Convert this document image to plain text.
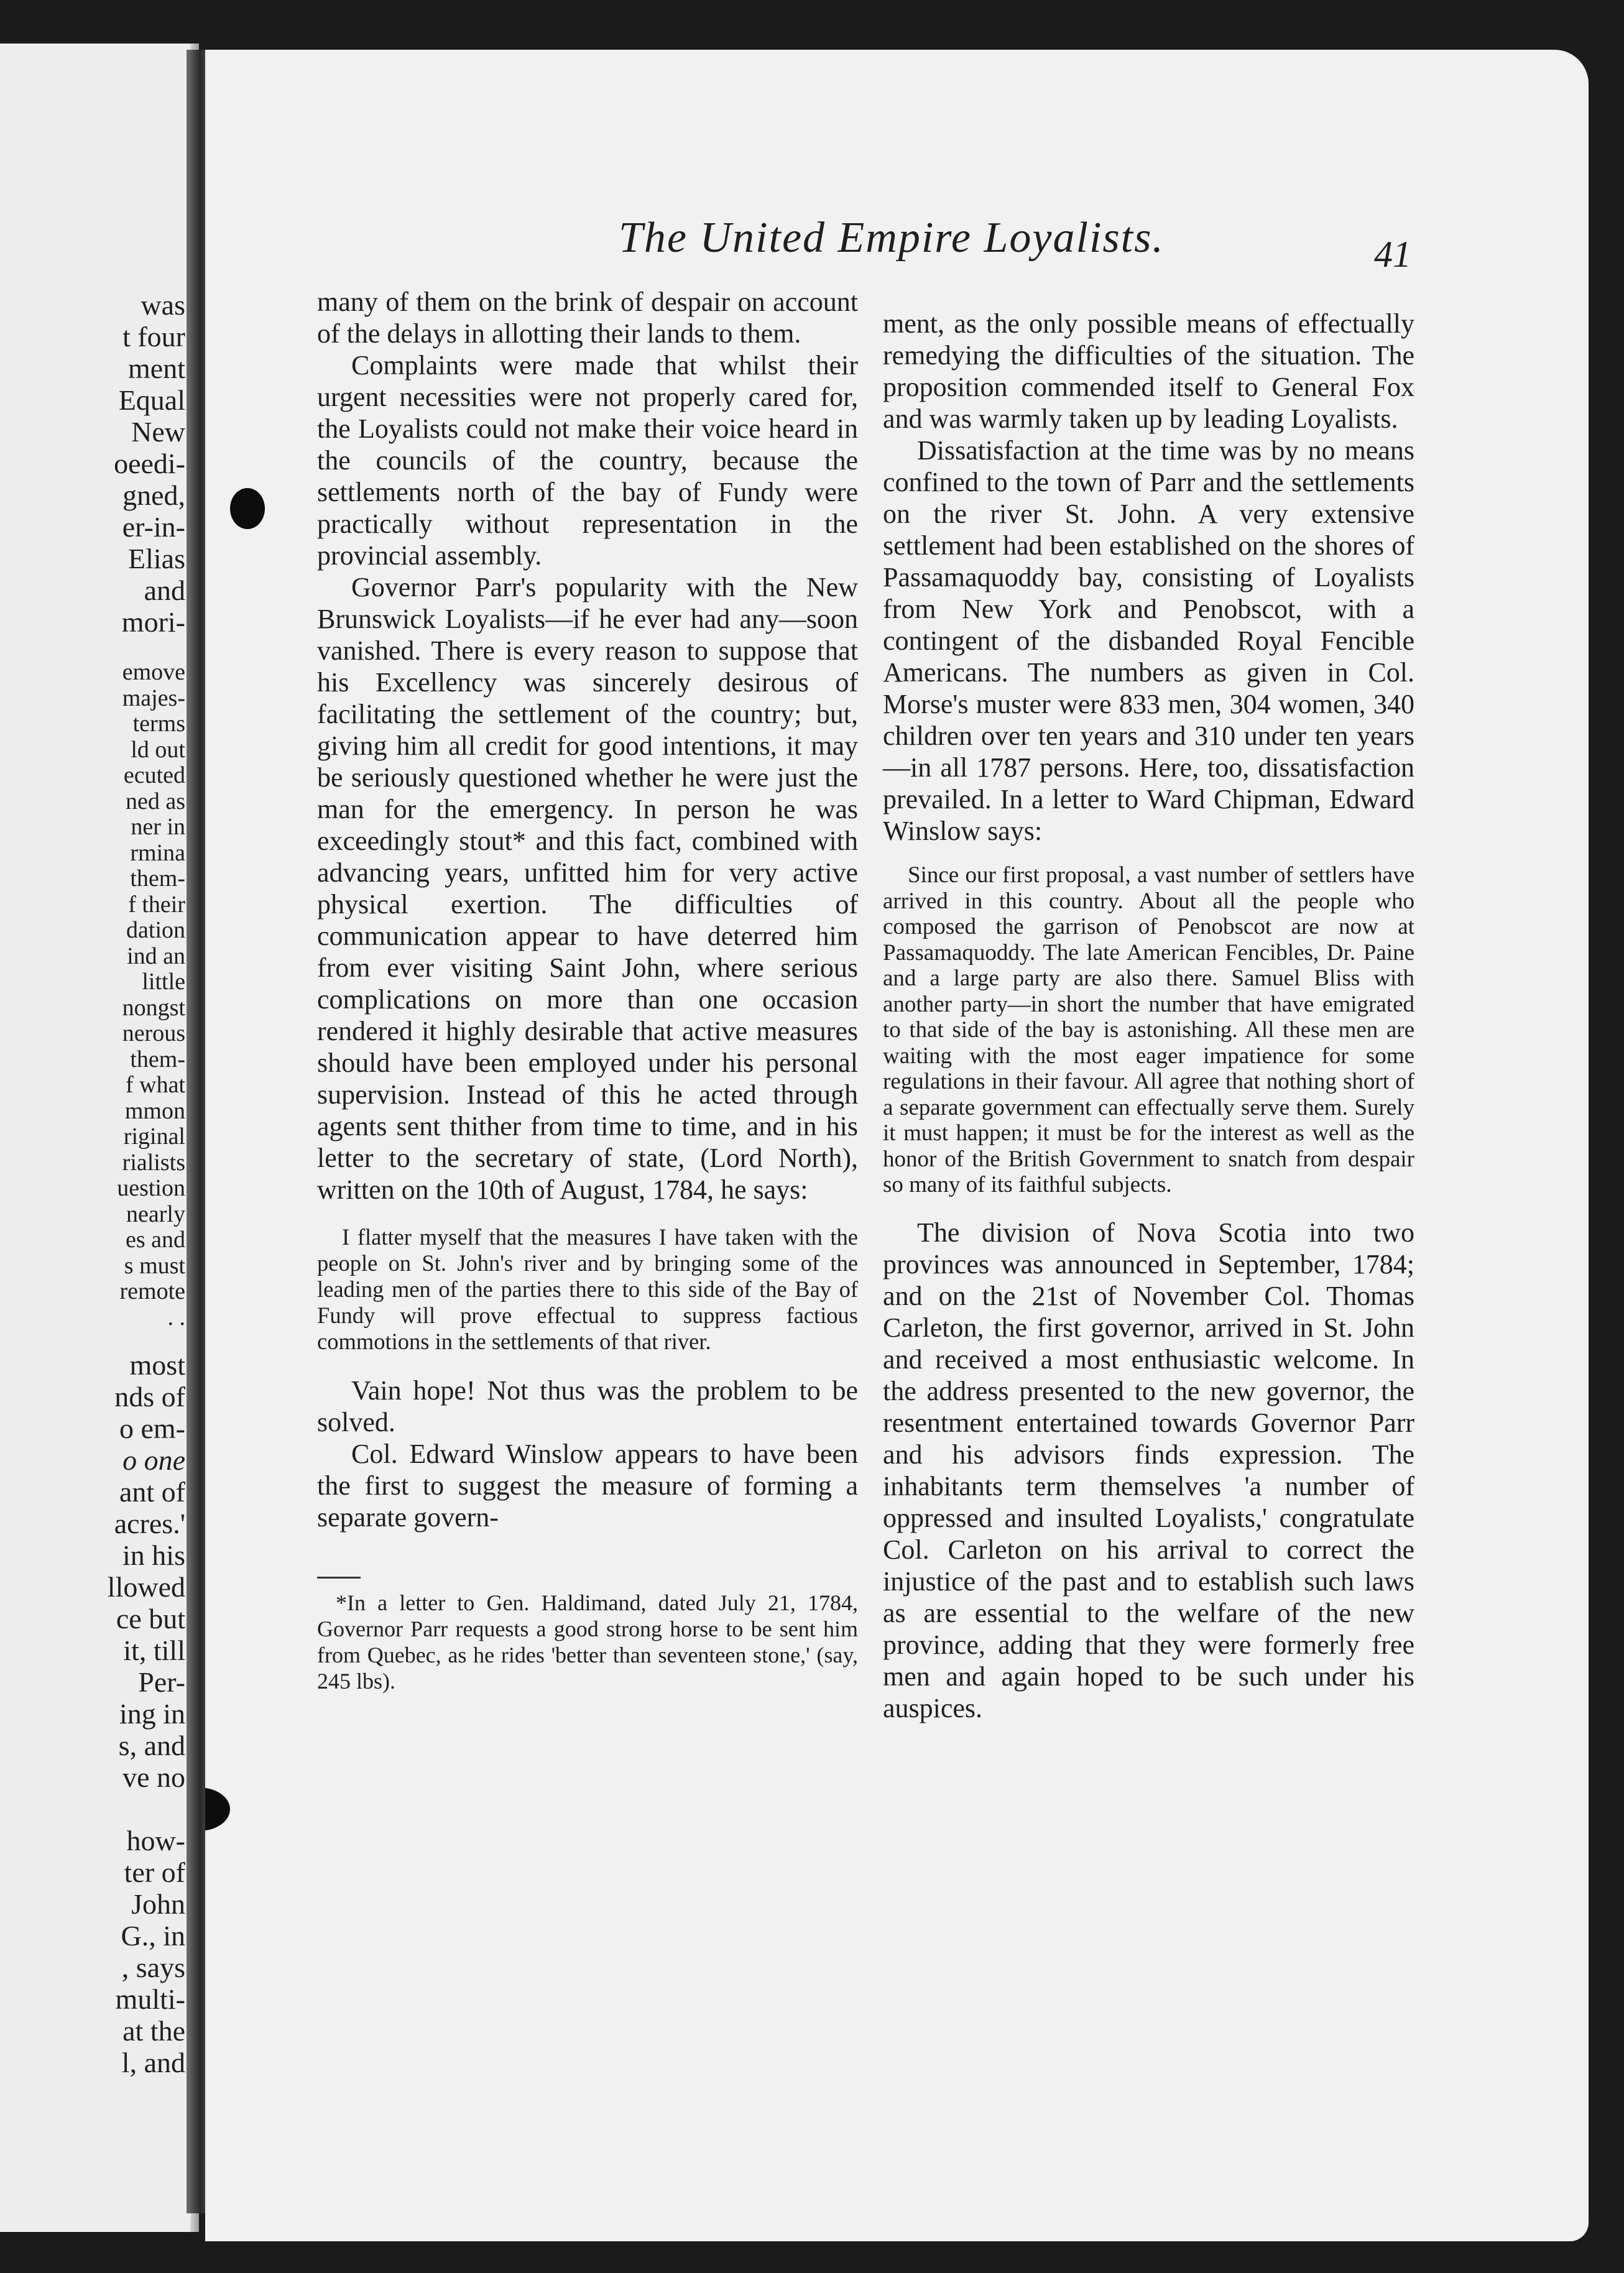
was
t four
ment
Equal
New
oeedi-
gned,
er-in-
Elias
and
mori-
emove
majes-
terms
ld out
ecuted
ned as
ner in
rmina
them-
f their
dation
ind an
little
nongst
nerous
them-
f what
mmon
riginal
rialists
uestion
nearly
es and
s must
remote
. .
most
nds of
o em-
o one
ant of
acres.'
in his
llowed
ce but
it, till
Per-
ing in
s, and
ve no

how-
ter of
John
G., in
, says
multi-
at the
l, and
The United Empire Loyalists.	41

many of them on the brink of despair on account of the delays in allotting their lands to them.

Complaints were made that whilst their urgent necessities were not properly cared for, the Loyalists could not make their voice heard in the councils of the country, because the settlements north of the bay of Fundy were practically without representation in the provincial assembly.

Governor Parr's popularity with the New Brunswick Loyalists—if he ever had any—soon vanished. There is every reason to suppose that his Excellency was sincerely desirous of facilitating the settlement of the country; but, giving him all credit for good intentions, it may be seriously questioned whether he were just the man for the emergency. In person he was exceedingly stout* and this fact, combined with advancing years, unfitted him for very active physical exertion. The difficulties of communication appear to have deterred him from ever visiting Saint John, where serious complications on more than one occasion rendered it highly desirable that active measures should have been employed under his personal supervision. Instead of this he acted through agents sent thither from time to time, and in his letter to the secretary of state, (Lord North), written on the 10th of August, 1784, he says:

I flatter myself that the measures I have taken with the people on St. John's river and by bringing some of the leading men of the parties there to this side of the Bay of Fundy will prove effectual to suppress factious commotions in the settlements of that river.

Vain hope! Not thus was the problem to be solved.

Col. Edward Winslow appears to have been the first to suggest the measure of forming a separate govern-

*In a letter to Gen. Haldimand, dated July 21, 1784, Governor Parr requests a good strong horse to be sent him from Quebec, as he rides 'better than seventeen stone,' (say, 245 lbs).

ment, as the only possible means of effectually remedying the difficulties of the situation. The proposition commended itself to General Fox and was warmly taken up by leading Loyalists.

Dissatisfaction at the time was by no means confined to the town of Parr and the settlements on the river St. John. A very extensive settlement had been established on the shores of Passamaquoddy bay, consisting of Loyalists from New York and Penobscot, with a contingent of the disbanded Royal Fencible Americans. The numbers as given in Col. Morse's muster were 833 men, 304 women, 340 children over ten years and 310 under ten years—in all 1787 persons. Here, too, dissatisfaction prevailed. In a letter to Ward Chipman, Edward Winslow says:

Since our first proposal, a vast number of settlers have arrived in this country. About all the people who composed the garrison of Penobscot are now at Passamaquoddy. The late American Fencibles, Dr. Paine and a large party are also there. Samuel Bliss with another party—in short the number that have emigrated to that side of the bay is astonishing. All these men are waiting with the most eager impatience for some regulations in their favour. All agree that nothing short of a separate government can effectually serve them. Surely it must happen; it must be for the interest as well as the honor of the British Government to snatch from despair so many of its faithful subjects.

The division of Nova Scotia into two provinces was announced in September, 1784; and on the 21st of November Col. Thomas Carleton, the first governor, arrived in St. John and received a most enthusiastic welcome. In the address presented to the new governor, the resentment entertained towards Governor Parr and his advisors finds expression. The inhabitants term themselves 'a number of oppressed and insulted Loyalists,' congratulate Col. Carleton on his arrival to correct the injustice of the past and to establish such laws as are essential to the welfare of the new province, adding that they were formerly free men and again hoped to be such under his auspices.
